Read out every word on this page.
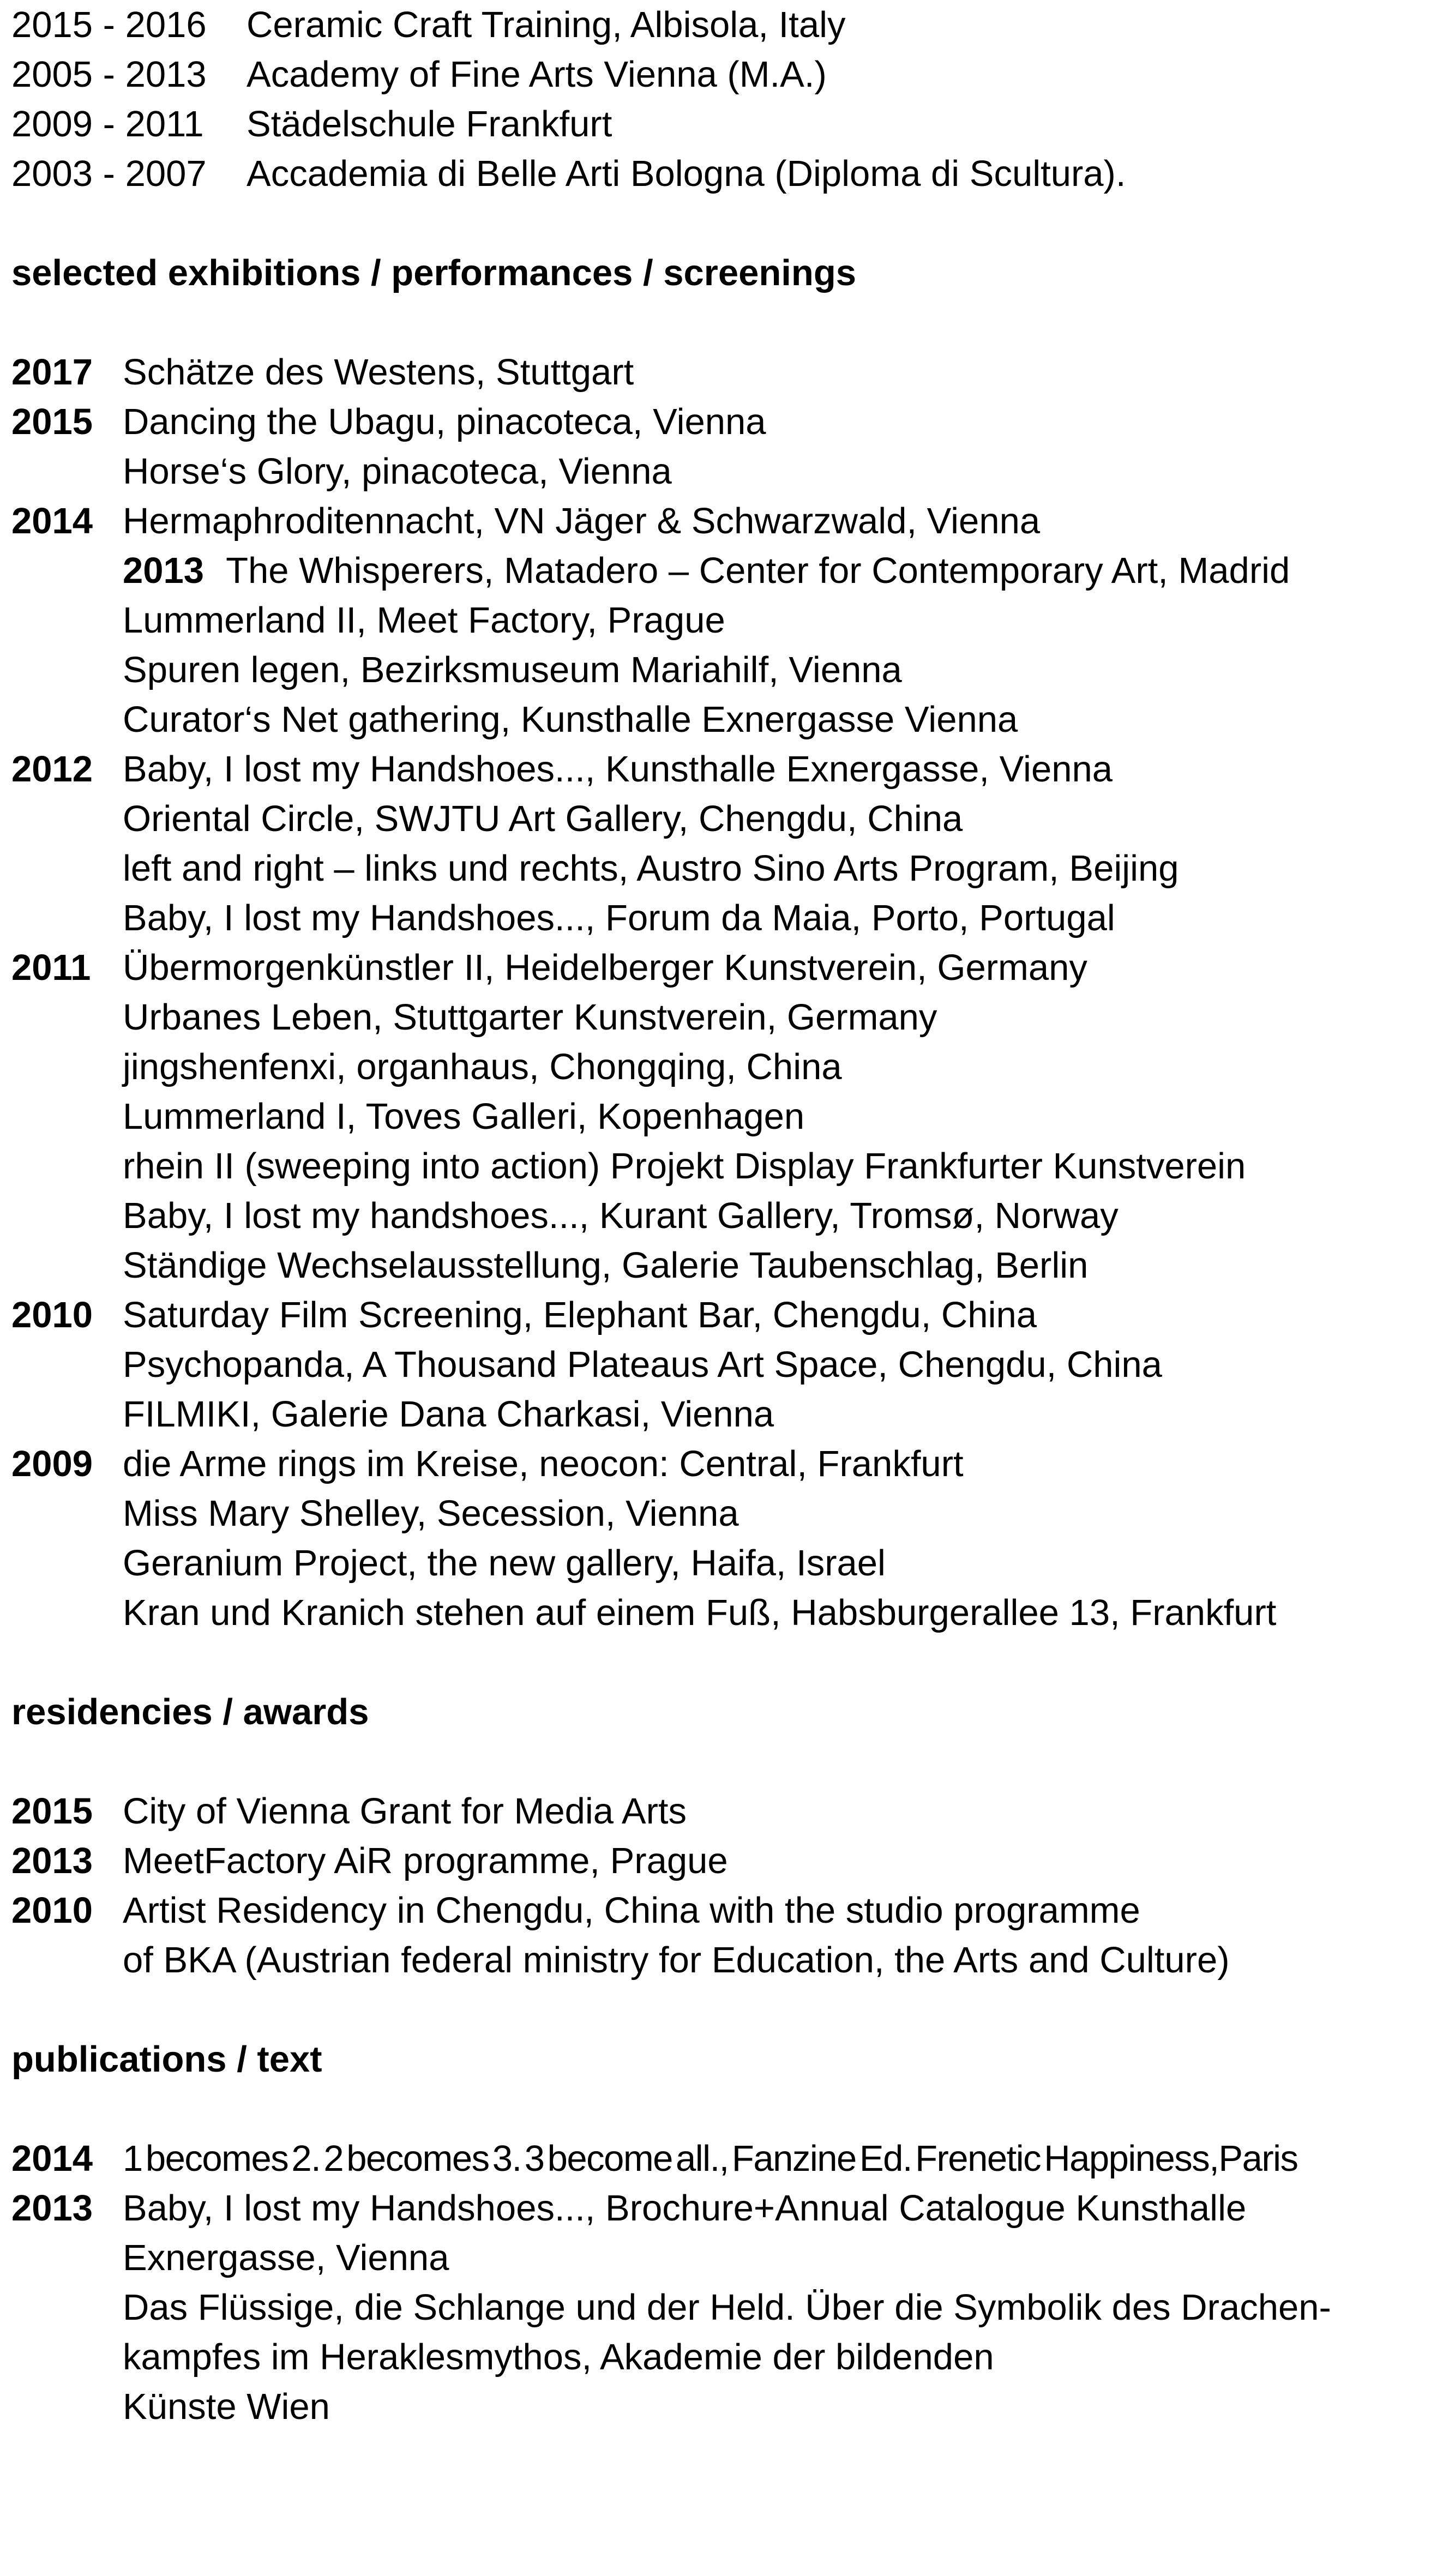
Ceramic Craft Training, Albisola, Italy
2015 - 2016
Academy of Fine Arts Vienna (M.A.)
2005 - 2013
Städelschule Frankfurt
2009 - 2011
Accademia di Belle Arti Bologna (Diploma di Scultura).
2003 - 2007
selected exhibitions / performances / screenings
Schätze des Westens, Stuttgart
2017
Dancing the Ubagu, pinacoteca, Vienna
2015
Horse‘s Glory, pinacoteca, Vienna
Hermaphroditennacht, VN Jäger & Schwarzwald, Vienna
2014
2013 The Whisperers, Matadero – Center for Contemporary Art, Madrid
Lummerland II, Meet Factory, Prague
Spuren legen, Bezirksmuseum Mariahilf, Vienna
Curator‘s Net gathering, Kunsthalle Exnergasse Vienna
Baby, I lost my Handshoes..., Kunsthalle Exnergasse, Vienna
2012
Oriental Circle, SWJTU Art Gallery, Chengdu, China
left and right – links und rechts, Austro Sino Arts Program, Beijing
Baby, I lost my Handshoes..., Forum da Maia, Porto, Portugal
Übermorgenkünstler II, Heidelberger Kunstverein, Germany
2011
Urbanes Leben, Stuttgarter Kunstverein, Germany
jingshenfenxi, organhaus, Chongqing, China
Lummerland I, Toves Galleri, Kopenhagen
rhein II (sweeping into action) Projekt Display Frankfurter Kunstverein
Baby, I lost my handshoes..., Kurant Gallery, Tromsø, Norway
Ständige Wechselausstellung, Galerie Taubenschlag, Berlin
Saturday Film Screening, Elephant Bar, Chengdu, China
2010
Psychopanda, A Thousand Plateaus Art Space, Chengdu, China
FILMIKI, Galerie Dana Charkasi, Vienna
die Arme rings im Kreise, neocon: Central, Frankfurt
2009
Miss Mary Shelley, Secession, Vienna
Geranium Project, the new gallery, Haifa, Israel
Kran und Kranich stehen auf einem Fuß, Habsburgerallee 13, Frankfurt
residencies / awards
City of Vienna Grant for Media Arts
2015
MeetFactory AiR programme, Prague
2013
Artist Residency in Chengdu, China with the studio programme
2010
of BKA (Austrian federal ministry for Education, the Arts and Culture)
publications / text
1 becomes 2. 2 becomes 3. 3 become all., Fanzine Ed. Frenetic Happiness,Paris
2014
Baby, I lost my Handshoes..., Brochure+Annual Catalogue Kunsthalle
2013
Exnergasse, Vienna
Das Flüssige, die Schlange und der Held. Über die Symbolik des Drachen-
kampfes im Heraklesmythos, Akademie der bildenden
Künste Wien
